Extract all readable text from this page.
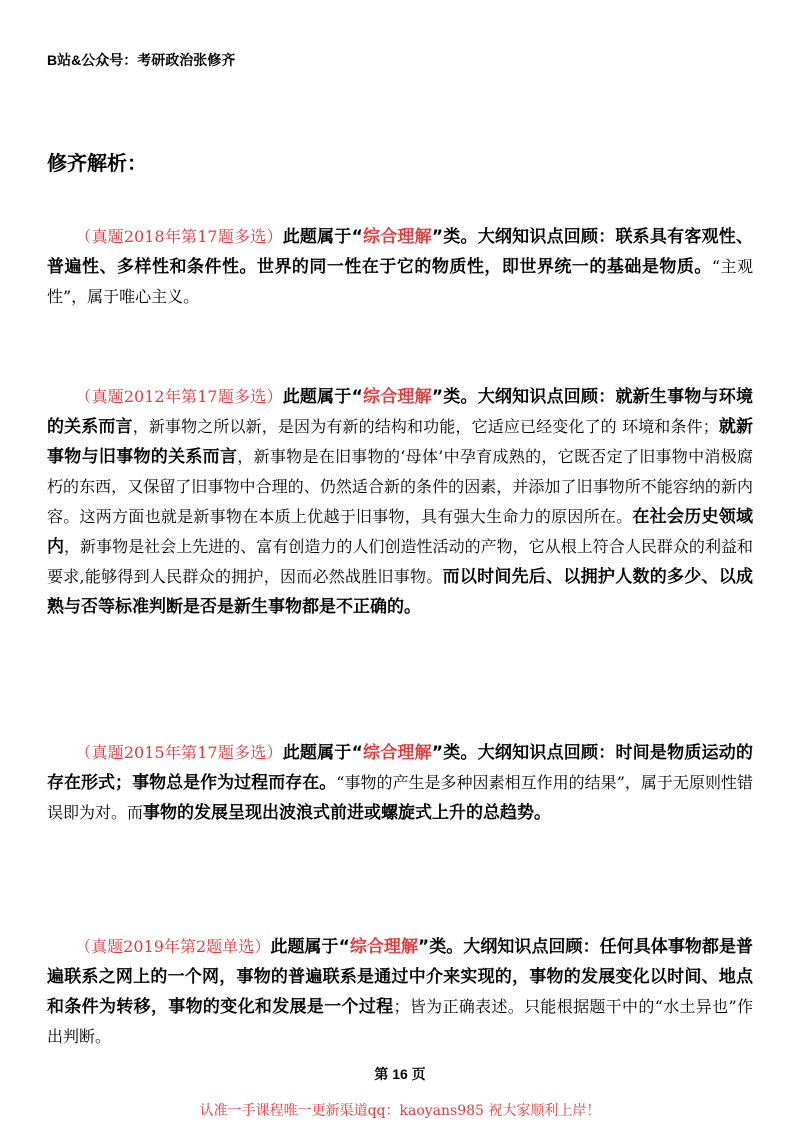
B站&公众号：考研政治张修齐
修齐解析：
（真题2018年第17题多选）此题属于“综合理解”类。大纲知识点回顾：联系具有客观性、普遍性、多样性和条件性。世界的同一性在于它的物质性，即世界统一的基础是物质。“主观性”，属于唯心主义。
（真题2012年第17题多选）此题属于“综合理解”类。大纲知识点回顾：就新生事物与环境的关系而言，新事物之所以新，是因为有新的结构和功能，它适应已经变化了的 环境和条件；就新事物与旧事物的关系而言，新事物是在旧事物的‘母体’中孕育成熟的，它既否定了旧事物中消极腐朽的东西，又保留了旧事物中合理的、仍然适合新的条件的因素，并添加了旧事物所不能容纳的新内容。这两方面也就是新事物在本质上优越于旧事物，具有强大生命力的原因所在。在社会历史领域内，新事物是社会上先进的、富有创造力的人们创造性活动的产物，它从根上符合人民群众的利益和要求,能够得到人民群众的拥护，因而必然战胜旧事物。而以时间先后、以拥护人数的多少、以成熟与否等标准判断是否是新生事物都是不正确的。
（真题2015年第17题多选）此题属于“综合理解”类。大纲知识点回顾：时间是物质运动的存在形式；事物总是作为过程而存在。“事物的产生是多种因素相互作用的结果”，属于无原则性错误即为对。而事物的发展呈现出波浪式前进或螺旋式上升的总趋势。
（真题2019年第2题单选）此题属于“综合理解”类。大纲知识点回顾：任何具体事物都是普遍联系之网上的一个网，事物的普遍联系是通过中介来实现的，事物的发展变化以时间、地点和条件为转移，事物的变化和发展是一个过程；皆为正确表述。只能根据题干中的“水土异也”作出判断。
第 16 页
认准一手课程唯一更新渠道qq：kaoyans985 祝大家顺利上岸！
